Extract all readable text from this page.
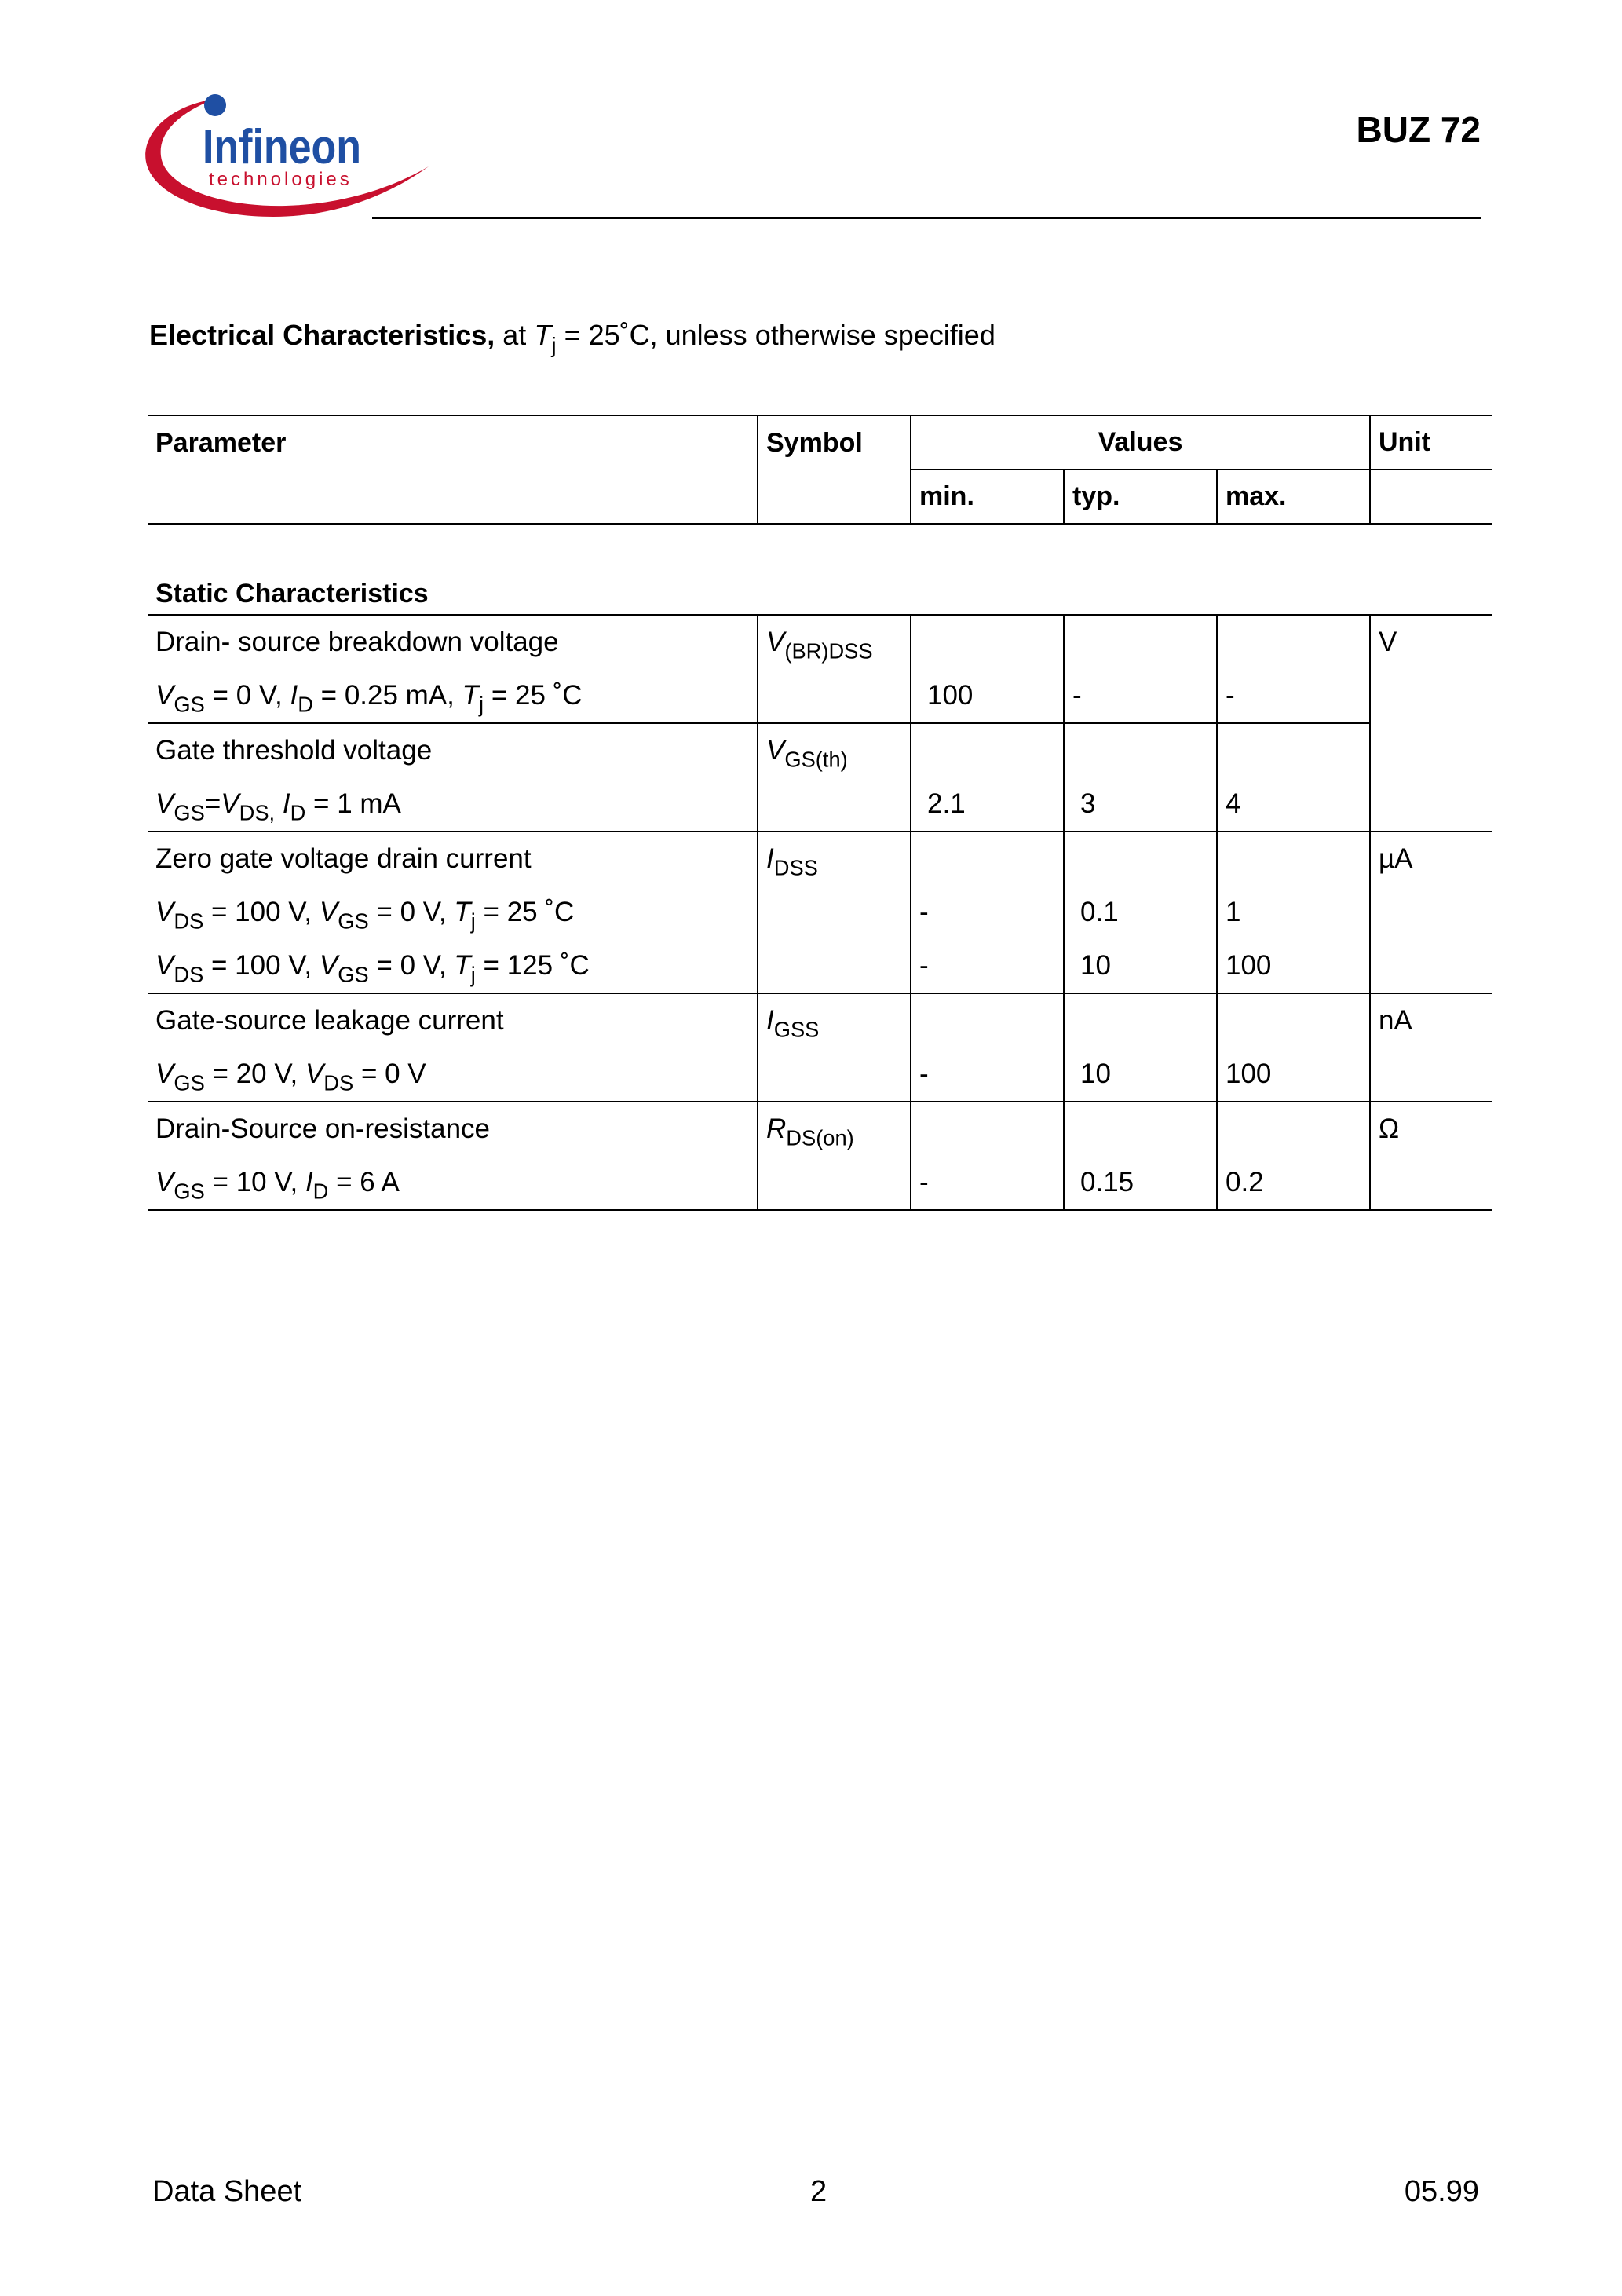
Infineon
technologies
BUZ 72
Electrical Characteristics, at $T_j$ = 25˚C, unless otherwise specified
Parameter	Symbol	Values			Unit
		min.	typ.	max.	

Static Characteristics					
Drain- source breakdown voltage	$V_{(BR)DSS}$				V
$V_{GS} = 0$ V, $I_D = 0.25$ mA, $T_j = 25$ ˚C		100	-	-	
Gate threshold voltage	$V_{GS(th)}$				
$V_{GS}=V_{DS,}$ $I_D = 1$ mA		2.1	3	4	
Zero gate voltage drain current	$I_{DSS}$				µA
$V_{DS} = 100$ V, $V_{GS} = 0$ V, $T_j = 25$ ˚C		-	0.1	1	
$V_{DS} = 100$ V, $V_{GS} = 0$ V, $T_j = 125$ ˚C		-	10	100	
Gate-source leakage current	$I_{GSS}$				nA
$V_{GS} = 20$ V, $V_{DS} = 0$ V		-	10	100	
Drain-Source on-resistance	$R_{DS(on)}$				Ω
$V_{GS} = 10$ V, $I_D = 6$ A		-	0.15	0.2	
Data Sheet	2	05.99
